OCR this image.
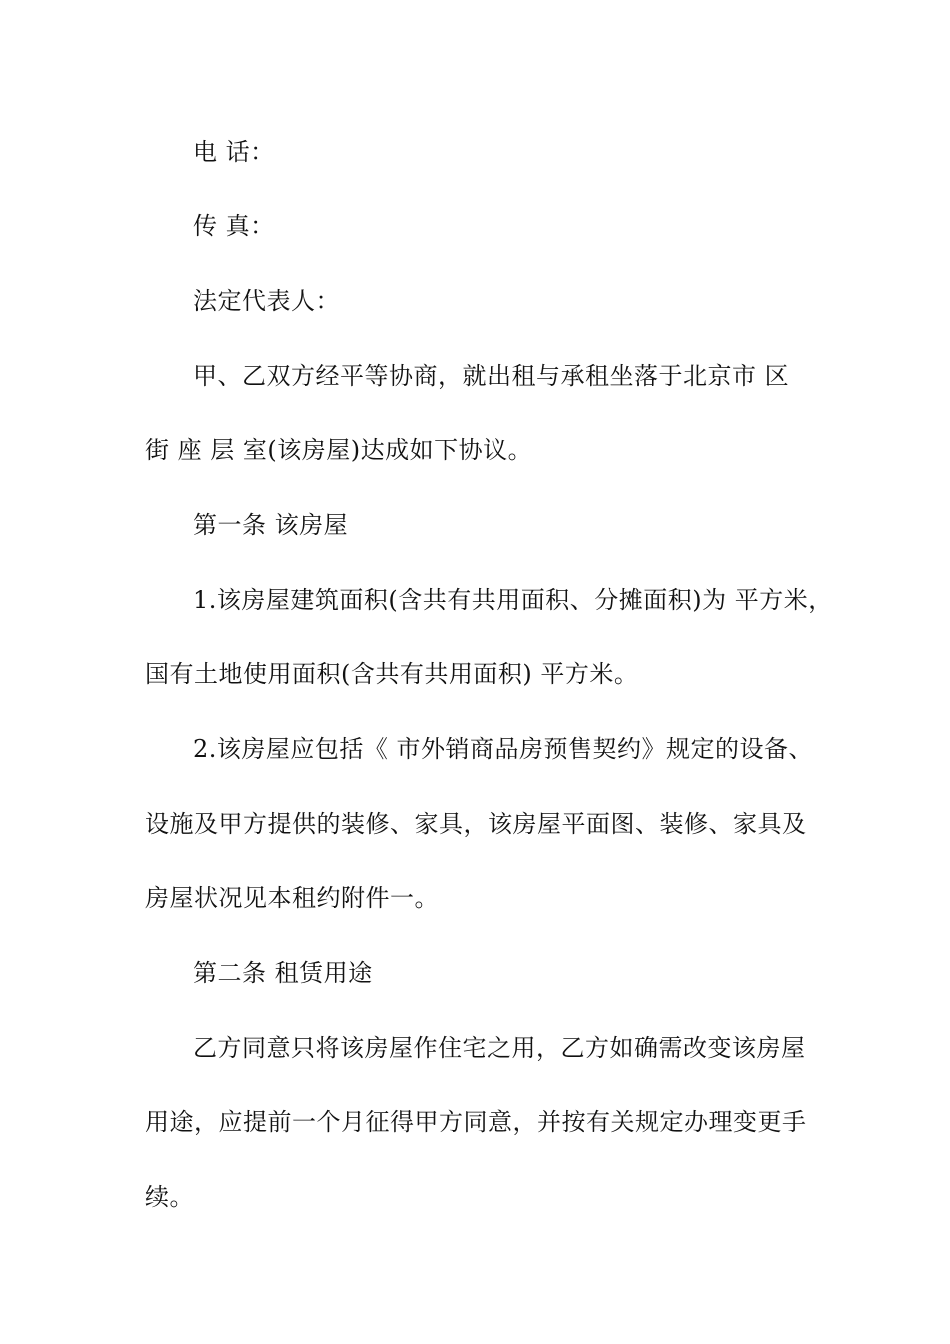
电 话：
传 真：
法定代表人：
甲、乙双方经平等协商，就出租与承租坐落于北京市 区
街 座 层 室(该房屋)达成如下协议。
第一条 该房屋
1.该房屋建筑面积(含共有共用面积、分摊面积)为 平方米，
国有土地使用面积(含共有共用面积) 平方米。
2.该房屋应包括《 市外销商品房预售契约》规定的设备、
设施及甲方提供的装修、家具，该房屋平面图、装修、家具及
房屋状况见本租约附件一。
第二条 租赁用途
乙方同意只将该房屋作住宅之用，乙方如确需改变该房屋
用途，应提前一个月征得甲方同意，并按有关规定办理变更手
续。
